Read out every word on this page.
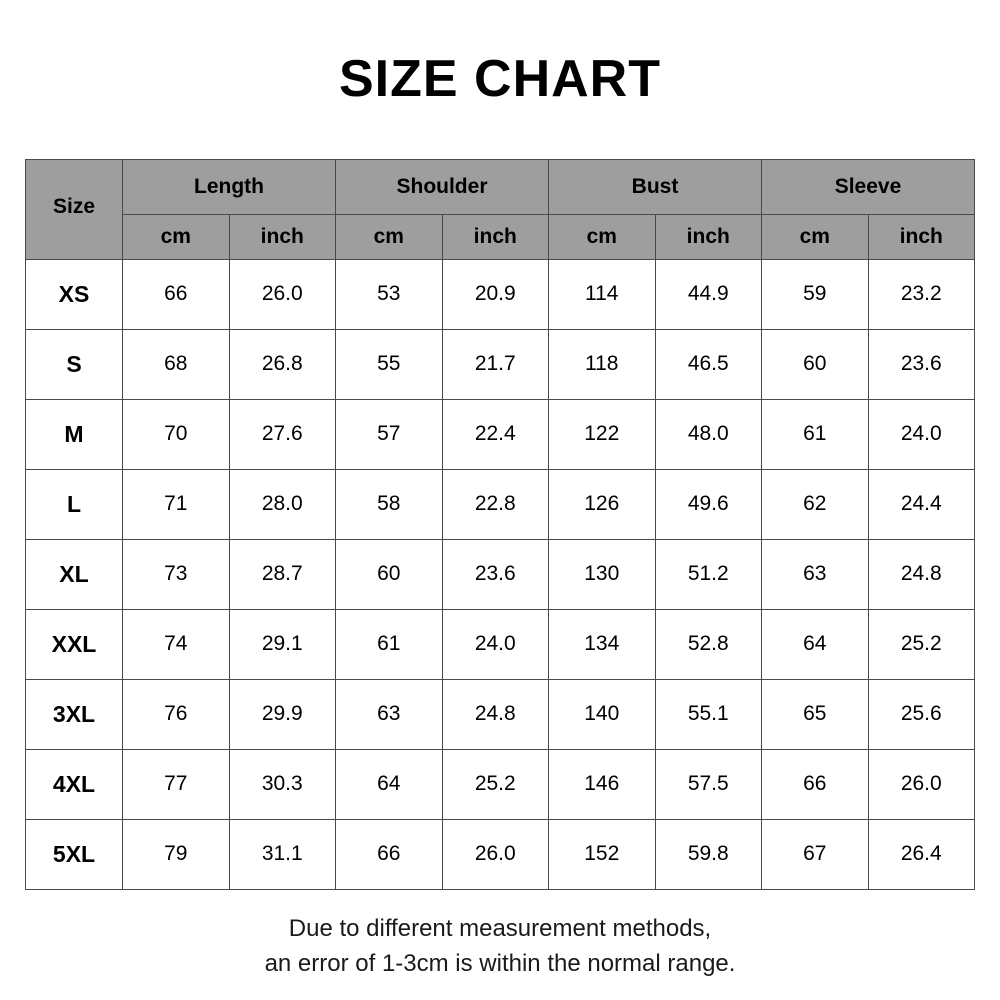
SIZE CHART
Size	Length		Shoulder		Bust		Sleeve	
	cm	inch	cm	inch	cm	inch	cm	inch
XS	66	26.0	53	20.9	114	44.9	59	23.2
S	68	26.8	55	21.7	118	46.5	60	23.6
M	70	27.6	57	22.4	122	48.0	61	24.0
L	71	28.0	58	22.8	126	49.6	62	24.4
XL	73	28.7	60	23.6	130	51.2	63	24.8
XXL	74	29.1	61	24.0	134	52.8	64	25.2
3XL	76	29.9	63	24.8	140	55.1	65	25.6
4XL	77	30.3	64	25.2	146	57.5	66	26.0
5XL	79	31.1	66	26.0	152	59.8	67	26.4
Due to different measurement methods,
an error of 1-3cm is within the normal range.
